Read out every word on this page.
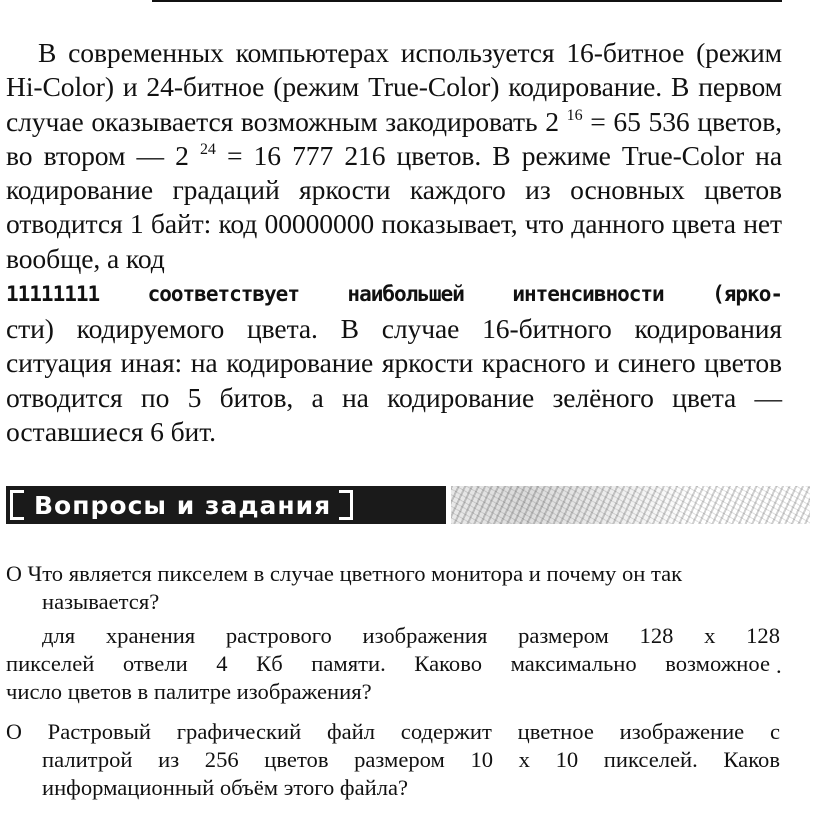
В современных компьютерах используется 16-битное (режим Hi-Color) и 24-битное (режим True-Color) кодирование. В первом случае оказывается возможным закодировать 2 $^{16}$ = 65 536 цветов, во втором — 2 $^{24}$ = 16 777 216 цветов. В режиме True-Color на кодирование градаций яркости каждого из основных цветов отводится 1 байт: код 00000000 показывает, что данного цвета нет вообще, а код
11111111 соответствует наибольшей интенсивности (ярко-
сти) кодируемого цвета. В случае 16-битного кодирования ситуация иная: на кодирование яркости красного и синего цветов отводится по 5 битов, а на кодирование зелёного цвета — оставшиеся 6 бит.

Вопросы и задания
О Что является пикселем в случае цветного монитора и почему он так
называется?
для хранения растрового изображения размером 128 x 128
пикселей отвели 4 Кб памяти. Каково максимально возможное .
число цветов в палитре изображения?
О Растровый графический файл содержит цветное изображение с
палитрой из 256 цветов размером 10 x 10 пикселей. Каков
информационный объём этого файла?
